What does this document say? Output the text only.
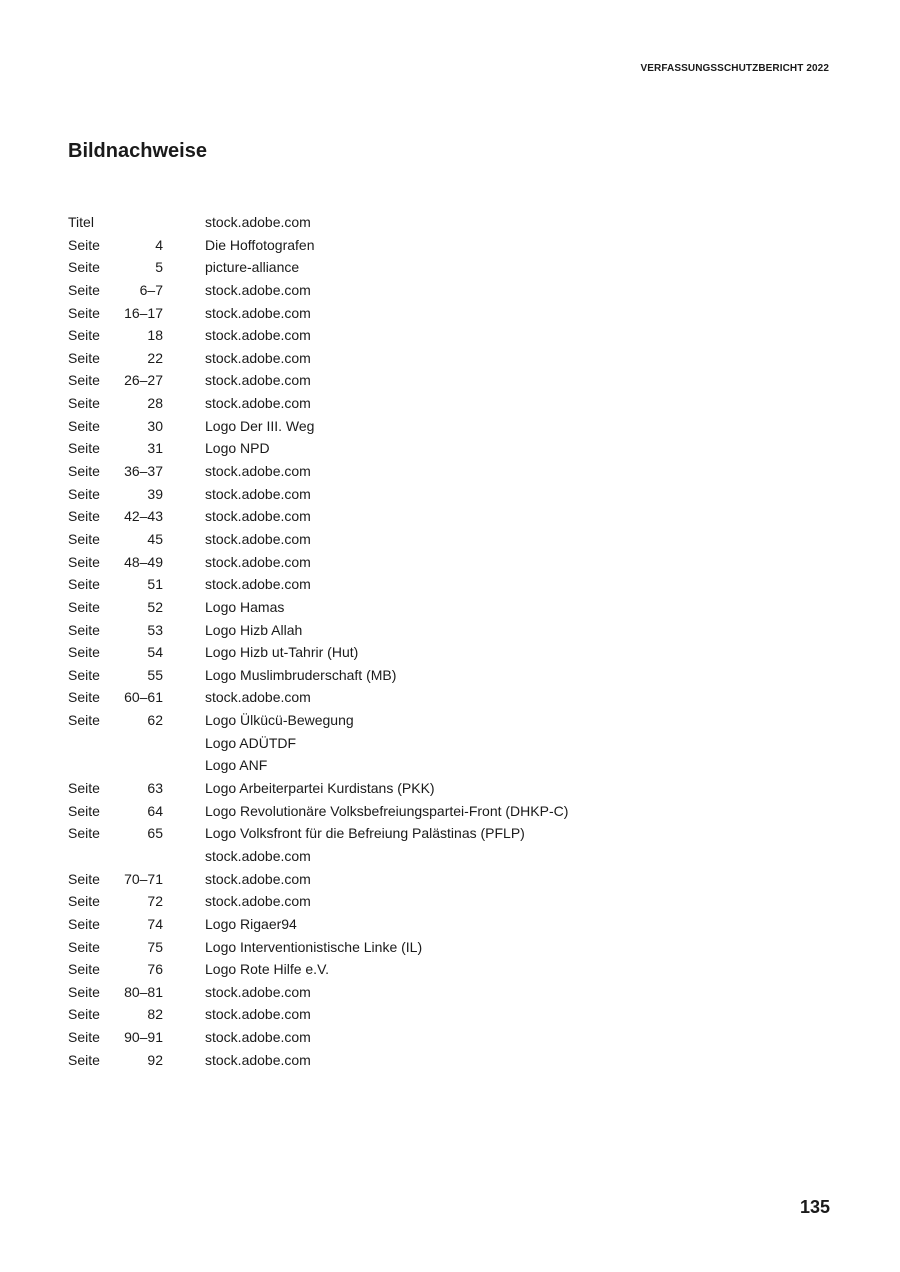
VERFASSUNGSSCHUTZBERICHT 2022
Bildnachweise
Titel	stock.adobe.com
Seite	4	Die Hoffotografen
Seite	5	picture-alliance
Seite	6–7	stock.adobe.com
Seite	16–17	stock.adobe.com
Seite	18	stock.adobe.com
Seite	22	stock.adobe.com
Seite	26–27	stock.adobe.com
Seite	28	stock.adobe.com
Seite	30	Logo Der III. Weg
Seite	31	Logo NPD
Seite	36–37	stock.adobe.com
Seite	39	stock.adobe.com
Seite	42–43	stock.adobe.com
Seite	45	stock.adobe.com
Seite	48–49	stock.adobe.com
Seite	51	stock.adobe.com
Seite	52	Logo Hamas
Seite	53	Logo Hizb Allah
Seite	54	Logo Hizb ut-Tahrir (Hut)
Seite	55	Logo Muslimbruderschaft (MB)
Seite	60–61	stock.adobe.com
Seite	62	Logo Ülkücü-Bewegung
Logo ADÜTDF
Logo ANF
Seite	63	Logo Arbeiterpartei Kurdistans (PKK)
Seite	64	Logo Revolutionäre Volksbefreiungspartei-Front (DHKP-C)
Seite	65	Logo Volksfront für die Befreiung Palästinas (PFLP)
stock.adobe.com
Seite	70–71	stock.adobe.com
Seite	72	stock.adobe.com
Seite	74	Logo Rigaer94
Seite	75	Logo Interventionistische Linke (IL)
Seite	76	Logo Rote Hilfe e.V.
Seite	80–81	stock.adobe.com
Seite	82	stock.adobe.com
Seite	90–91	stock.adobe.com
Seite	92	stock.adobe.com
135
